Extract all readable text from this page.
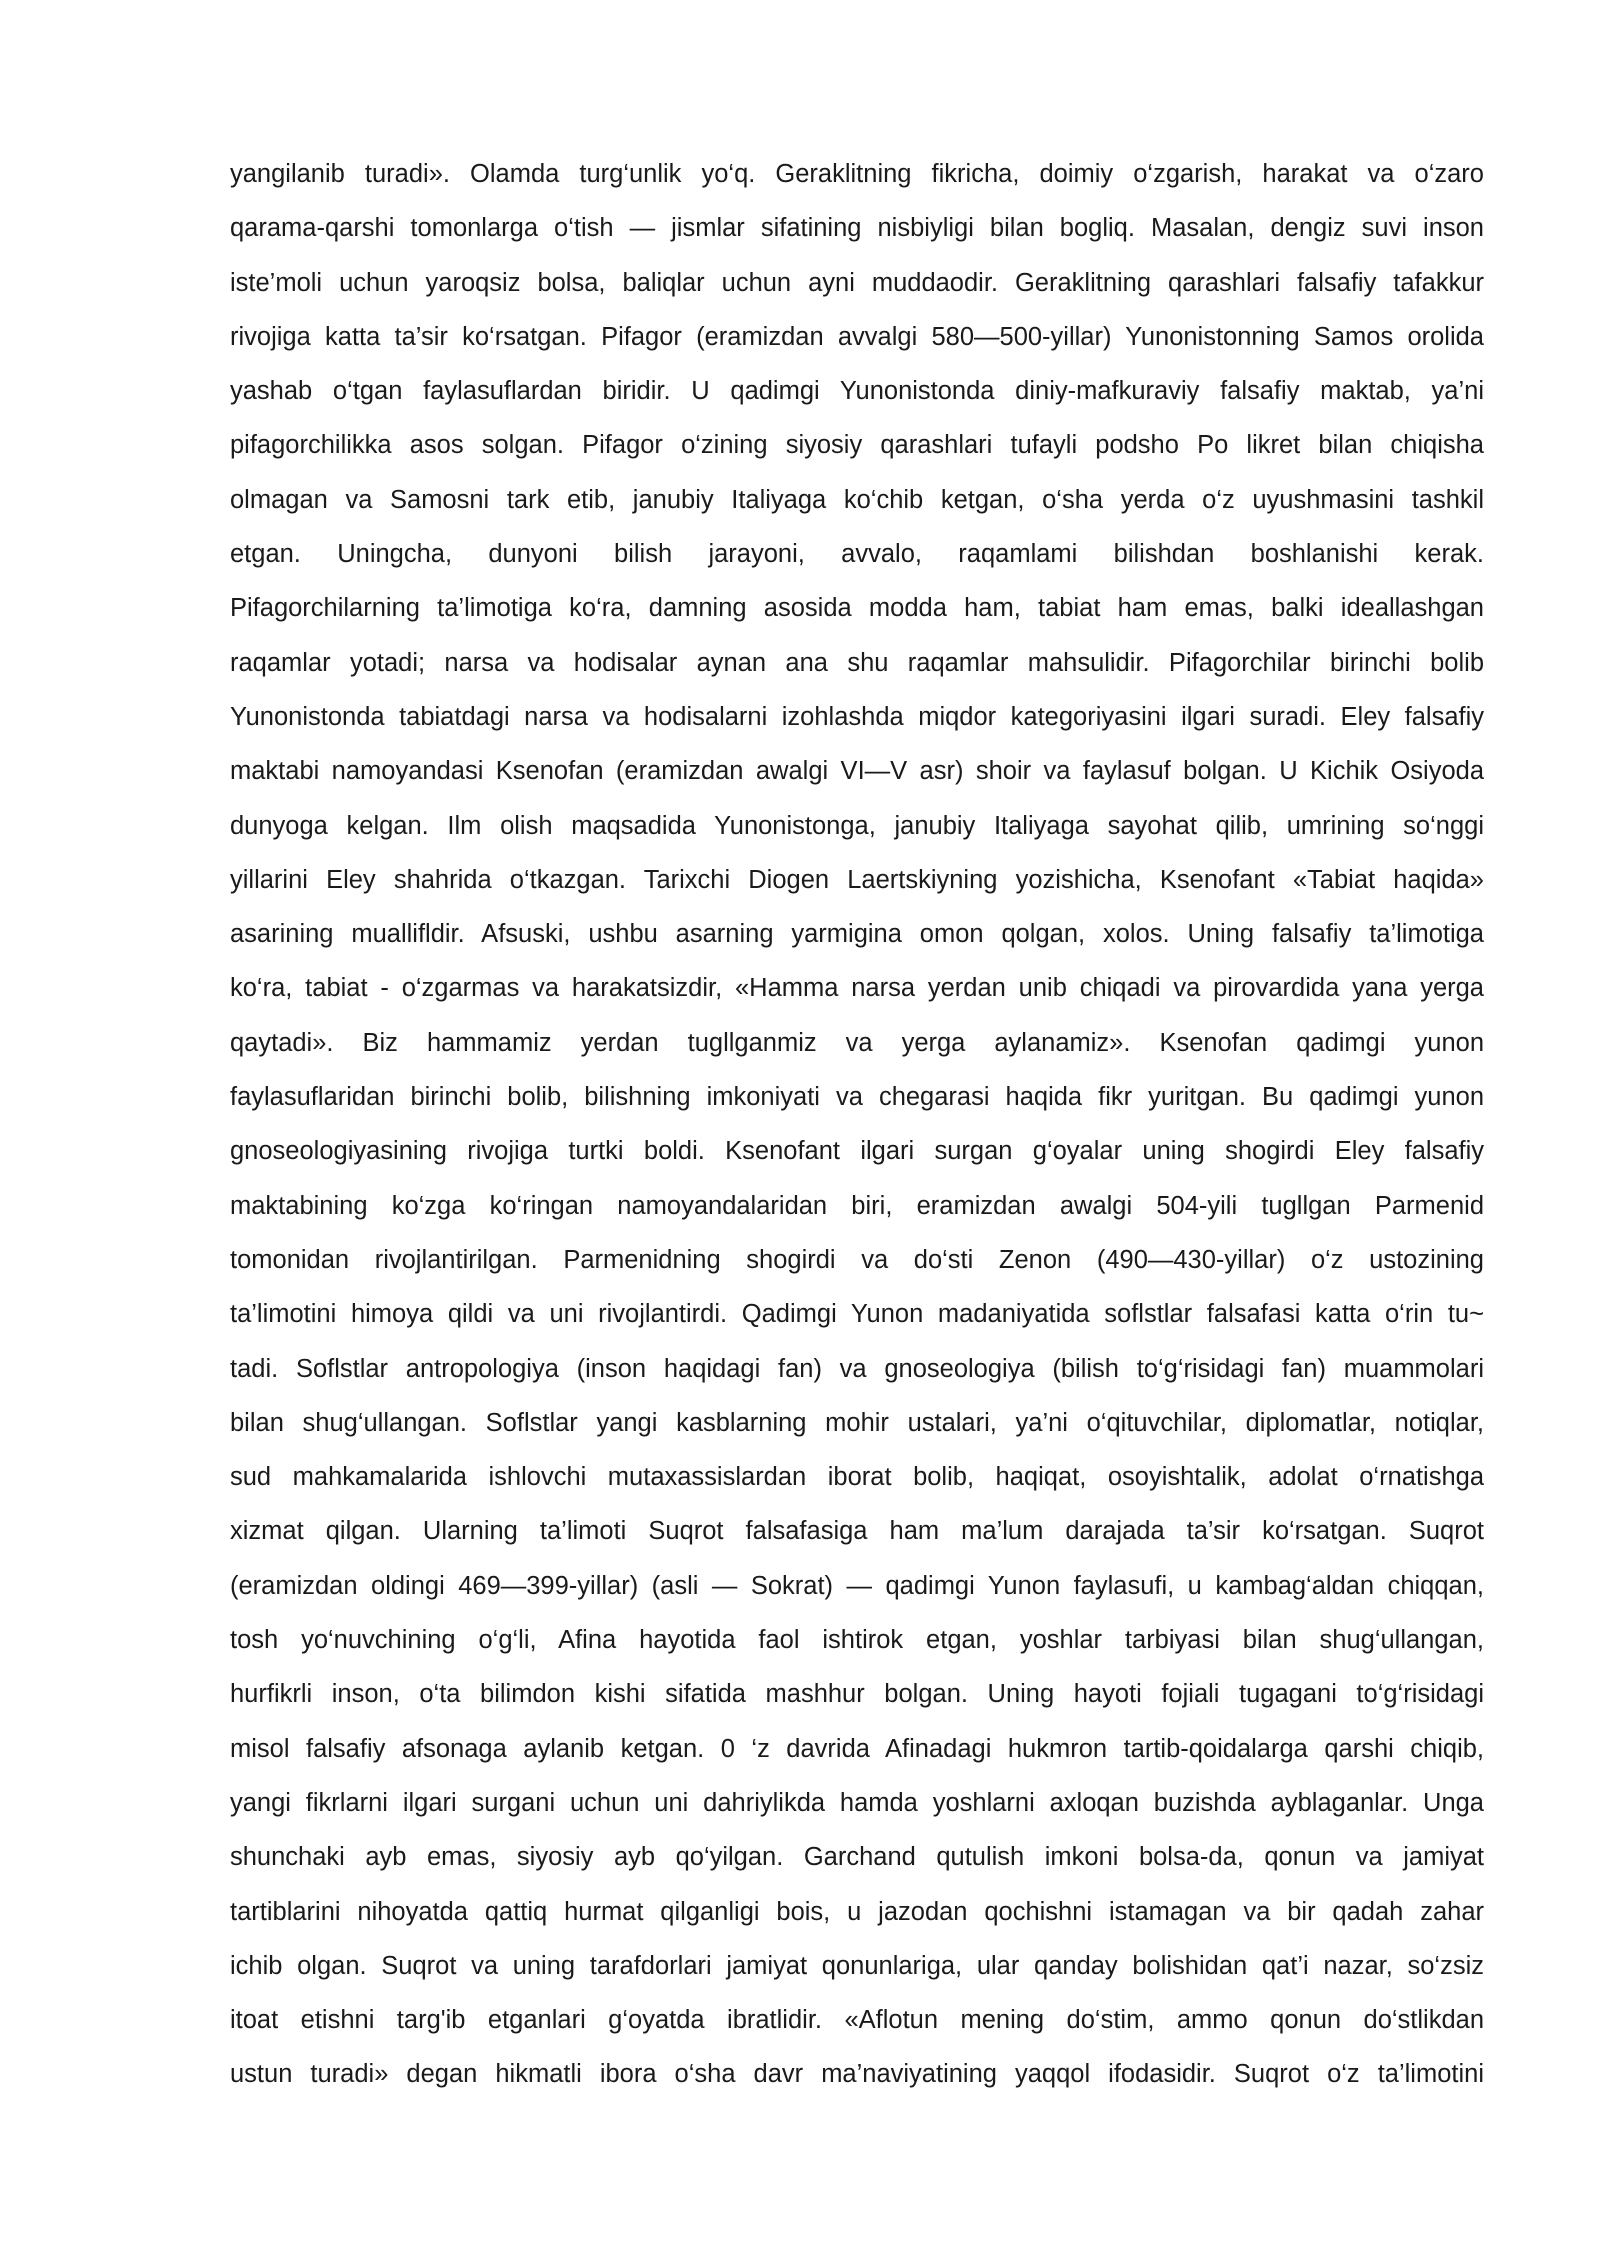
yangilanib turadi». Olamda turg‘unlik yo‘q. Geraklitning fikricha, doimiy o‘zgarish, harakat va o‘zaro
qarama-qarshi tomonlarga o‘tish — jismlar sifatining nisbiyligi bilan bogliq. Masalan, dengiz suvi inson
iste’moli uchun yaroqsiz bolsa, baliqlar uchun ayni muddaodir. Geraklitning qarashlari falsafiy tafakkur
rivojiga katta ta’sir ko‘rsatgan. Pifagor (eramizdan avvalgi 580—500-yillar) Yunonistonning Samos orolida
yashab o‘tgan faylasuflardan biridir. U qadimgi Yunonistonda diniy-mafkuraviy falsafiy maktab, ya’ni
pifagorchilikka asos solgan. Pifagor o‘zining siyosiy qarashlari tufayli podsho Po likret bilan chiqisha
olmagan va Samosni tark etib, janubiy Italiyaga ko‘chib ketgan, o‘sha yerda o‘z uyushmasini tashkil
etgan. Uningcha, dunyoni bilish jarayoni, avvalo, raqamlami bilishdan boshlanishi kerak.
Pifagorchilarning ta’limotiga ko‘ra, damning asosida modda ham, tabiat ham emas, balki ideallashgan
raqamlar yotadi; narsa va hodisalar aynan ana shu raqamlar mahsulidir. Pifagorchilar birinchi bolib
Yunonistonda tabiatdagi narsa va hodisalarni izohlashda miqdor kategoriyasini ilgari suradi. Eley falsafiy
maktabi namoyandasi Ksenofan (eramizdan awalgi VI—V asr) shoir va faylasuf bolgan. U Kichik Osiyoda
dunyoga kelgan. Ilm olish maqsadida Yunonistonga, janubiy Italiyaga sayohat qilib, umrining so‘nggi
yillarini Eley shahrida o‘tkazgan. Tarixchi Diogen Laertskiyning yozishicha, Ksenofant «Tabiat haqida»
asarining muallifldir. Afsuski, ushbu asarning yarmigina omon qolgan, xolos. Uning falsafiy ta’limotiga
ko‘ra, tabiat - o‘zgarmas va harakatsizdir, «Hamma narsa yerdan unib chiqadi va pirovardida yana yerga
qaytadi». Biz hammamiz yerdan tugllganmiz va yerga aylanamiz». Ksenofan qadimgi yunon
faylasuflaridan birinchi bolib, bilishning imkoniyati va chegarasi haqida fikr yuritgan. Bu qadimgi yunon
gnoseologiyasining rivojiga turtki boldi. Ksenofant ilgari surgan g‘oyalar uning shogirdi Eley falsafiy
maktabining ko‘zga ko‘ringan namoyandalaridan biri, eramizdan awalgi 504-yili tugllgan Parmenid
tomonidan rivojlantirilgan. Parmenidning shogirdi va do‘sti Zenon (490—430-yillar) o‘z ustozining
ta’limotini himoya qildi va uni rivojlantirdi. Qadimgi Yunon madaniyatida soflstlar falsafasi katta o‘rin tu~
tadi. Soflstlar antropologiya (inson haqidagi fan) va gnoseologiya (bilish to‘g‘risidagi fan) muammolari
bilan shug‘ullangan. Soflstlar yangi kasblarning mohir ustalari, ya’ni o‘qituvchilar, diplomatlar, notiqlar,
sud mahkamalarida ishlovchi mutaxassislardan iborat bolib, haqiqat, osoyishtalik, adolat o‘rnatishga
xizmat qilgan. Ularning ta’limoti Suqrot falsafasiga ham ma’lum darajada ta’sir ko‘rsatgan. Suqrot
(eramizdan oldingi 469—399-yillar) (asli — Sokrat) — qadimgi Yunon faylasufi, u kambag‘aldan chiqqan,
tosh yo‘nuvchining o‘g‘li, Afina hayotida faol ishtirok etgan, yoshlar tarbiyasi bilan shug‘ullangan,
hurfikrli inson, o‘ta bilimdon kishi sifatida mashhur bolgan. Uning hayoti fojiali tugagani to‘g‘risidagi
misol falsafiy afsonaga aylanib ketgan. 0 ‘z davrida Afinadagi hukmron tartib-qoidalarga qarshi chiqib,
yangi fikrlarni ilgari surgani uchun uni dahriylikda hamda yoshlarni axloqan buzishda ayblaganlar. Unga
shunchaki ayb emas, siyosiy ayb qo‘yilgan. Garchand qutulish imkoni bolsa-da, qonun va jamiyat
tartiblarini nihoyatda qattiq hurmat qilganligi bois, u jazodan qochishni istamagan va bir qadah zahar
ichib olgan. Suqrot va uning tarafdorlari jamiyat qonunlariga, ular qanday bolishidan qat’i nazar, so‘zsiz
itoat etishni targ'ib etganlari g‘oyatda ibratlidir. «Aflotun mening do‘stim, ammo qonun do‘stlikdan
ustun turadi» degan hikmatli ibora o‘sha davr ma’naviyatining yaqqol ifodasidir. Suqrot o‘z ta’limotini
